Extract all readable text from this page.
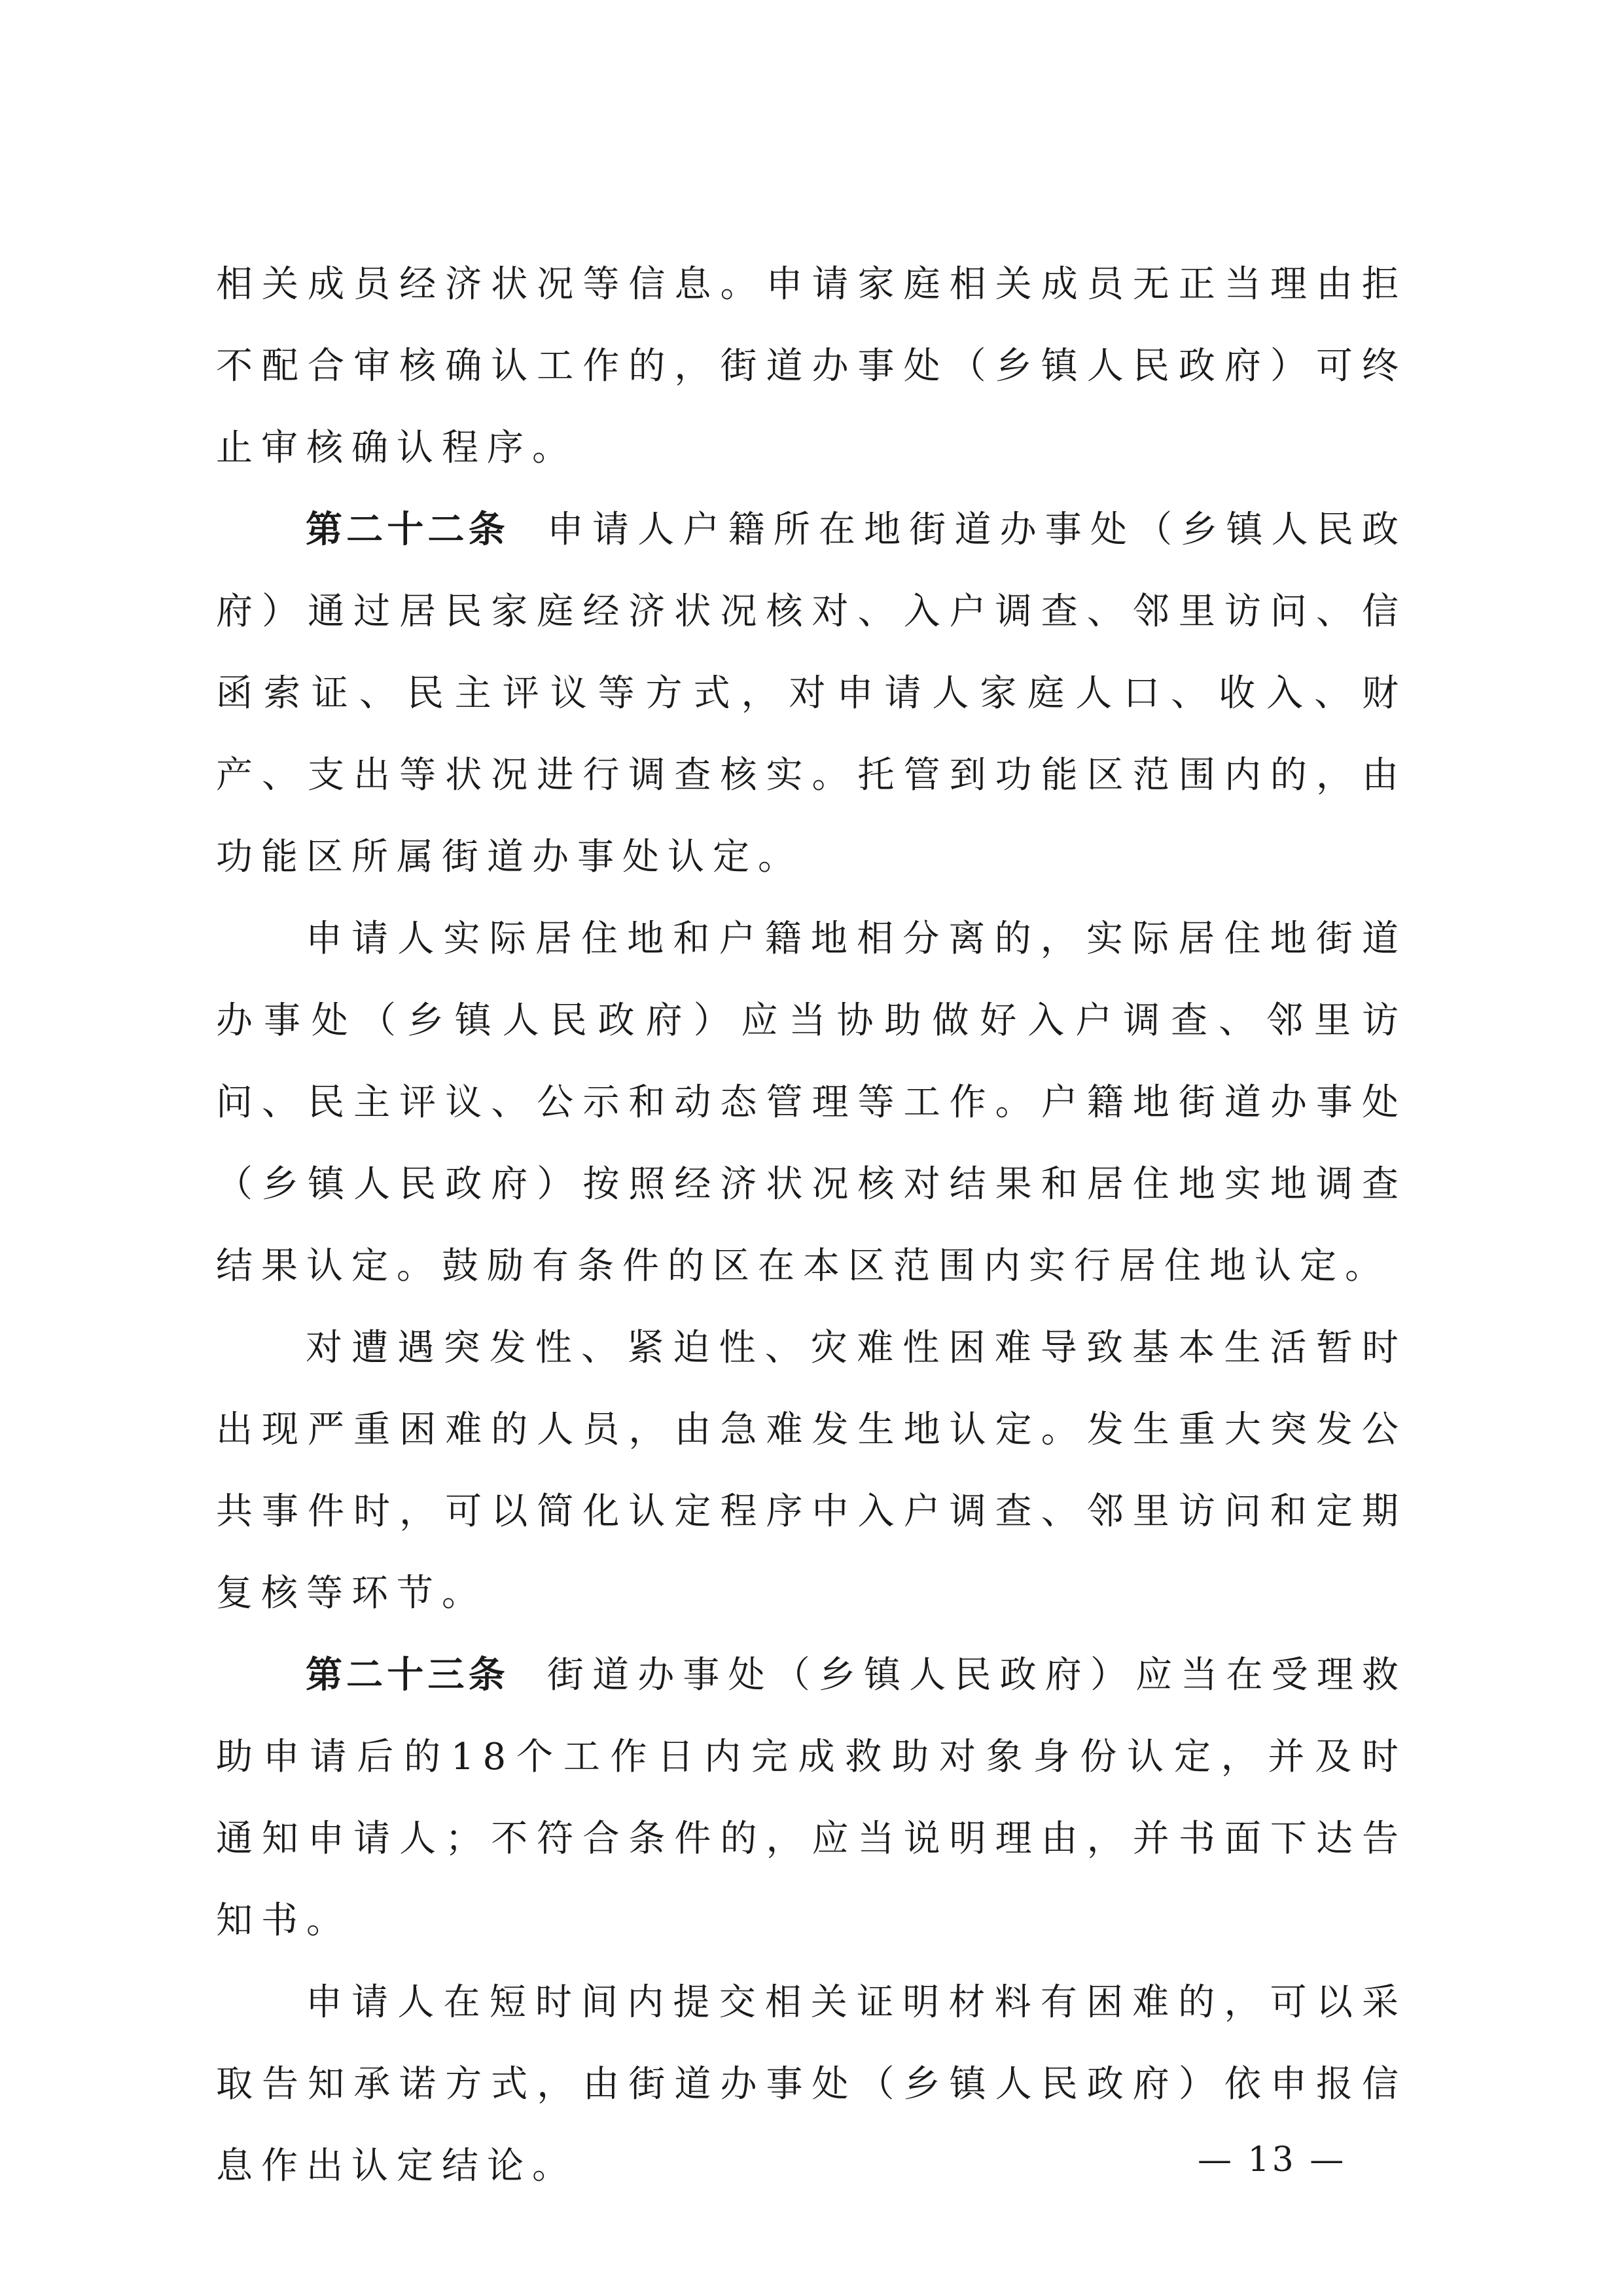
相关成员经济状况等信息。申请家庭相关成员无正当理由拒不配合审核确认工作的，街道办事处（乡镇人民政府）可终止审核确认程序。

第二十二条 申请人户籍所在地街道办事处（乡镇人民政府）通过居民家庭经济状况核对、入户调查、邻里访问、信函索证、民主评议等方式，对申请人家庭人口、收入、财产、支出等状况进行调查核实。托管到功能区范围内的，由功能区所属街道办事处认定。

申请人实际居住地和户籍地相分离的，实际居住地街道办事处（乡镇人民政府）应当协助做好入户调查、邻里访问、民主评议、公示和动态管理等工作。户籍地街道办事处（乡镇人民政府）按照经济状况核对结果和居住地实地调查结果认定。鼓励有条件的区在本区范围内实行居住地认定。

对遭遇突发性、紧迫性、灾难性困难导致基本生活暂时出现严重困难的人员，由急难发生地认定。发生重大突发公共事件时，可以简化认定程序中入户调查、邻里访问和定期复核等环节。

第二十三条 街道办事处（乡镇人民政府）应当在受理救助申请后的18个工作日内完成救助对象身份认定，并及时通知申请人；不符合条件的，应当说明理由，并书面下达告知书。

申请人在短时间内提交相关证明材料有困难的，可以采取告知承诺方式，由街道办事处（乡镇人民政府）依申报信息作出认定结论。	— 13 —
